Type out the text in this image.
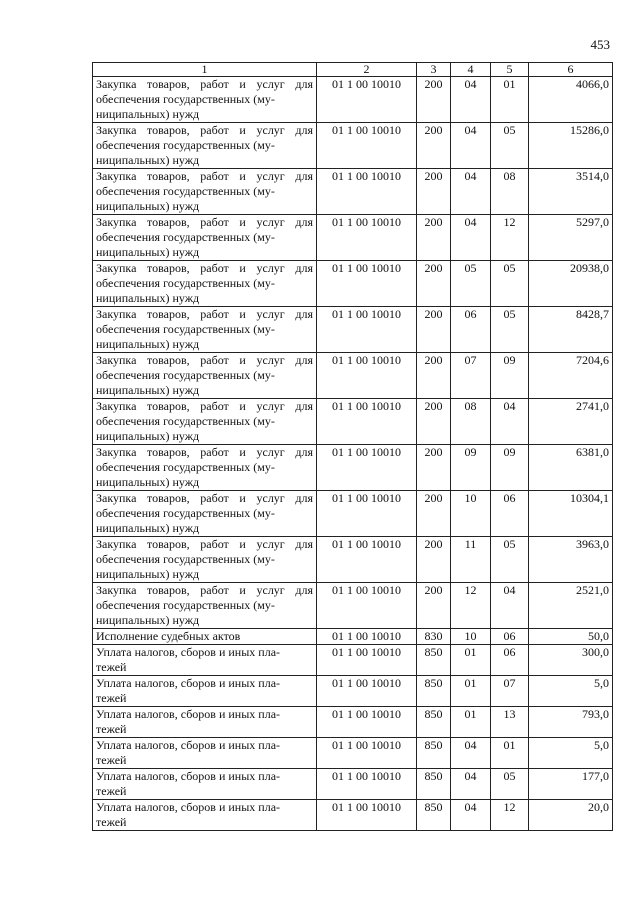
453
1	2	3	4	5	6
Закупка товаров, работ и услуг для обеспечения государственных (му-
ниципальных) нужд	01 1 00 10010	200	04	01	4066,0
Закупка товаров, работ и услуг для обеспечения государственных (му-
ниципальных) нужд	01 1 00 10010	200	04	05	15286,0
Закупка товаров, работ и услуг для обеспечения государственных (му-
ниципальных) нужд	01 1 00 10010	200	04	08	3514,0
Закупка товаров, работ и услуг для обеспечения государственных (му-
ниципальных) нужд	01 1 00 10010	200	04	12	5297,0
Закупка товаров, работ и услуг для обеспечения государственных (му-
ниципальных) нужд	01 1 00 10010	200	05	05	20938,0
Закупка товаров, работ и услуг для обеспечения государственных (му-
ниципальных) нужд	01 1 00 10010	200	06	05	8428,7
Закупка товаров, работ и услуг для обеспечения государственных (му-
ниципальных) нужд	01 1 00 10010	200	07	09	7204,6
Закупка товаров, работ и услуг для обеспечения государственных (му-
ниципальных) нужд	01 1 00 10010	200	08	04	2741,0
Закупка товаров, работ и услуг для обеспечения государственных (му-
ниципальных) нужд	01 1 00 10010	200	09	09	6381,0
Закупка товаров, работ и услуг для обеспечения государственных (му-
ниципальных) нужд	01 1 00 10010	200	10	06	10304,1
Закупка товаров, работ и услуг для обеспечения государственных (му-
ниципальных) нужд	01 1 00 10010	200	11	05	3963,0
Закупка товаров, работ и услуг для обеспечения государственных (му-
ниципальных) нужд	01 1 00 10010	200	12	04	2521,0
Исполнение судебных актов	01 1 00 10010	830	10	06	50,0
Уплата налогов, сборов и иных пла-
тежей	01 1 00 10010	850	01	06	300,0
Уплата налогов, сборов и иных пла-
тежей	01 1 00 10010	850	01	07	5,0
Уплата налогов, сборов и иных пла-
тежей	01 1 00 10010	850	01	13	793,0
Уплата налогов, сборов и иных пла-
тежей	01 1 00 10010	850	04	01	5,0
Уплата налогов, сборов и иных пла-
тежей	01 1 00 10010	850	04	05	177,0
Уплата налогов, сборов и иных пла-
тежей	01 1 00 10010	850	04	12	20,0
